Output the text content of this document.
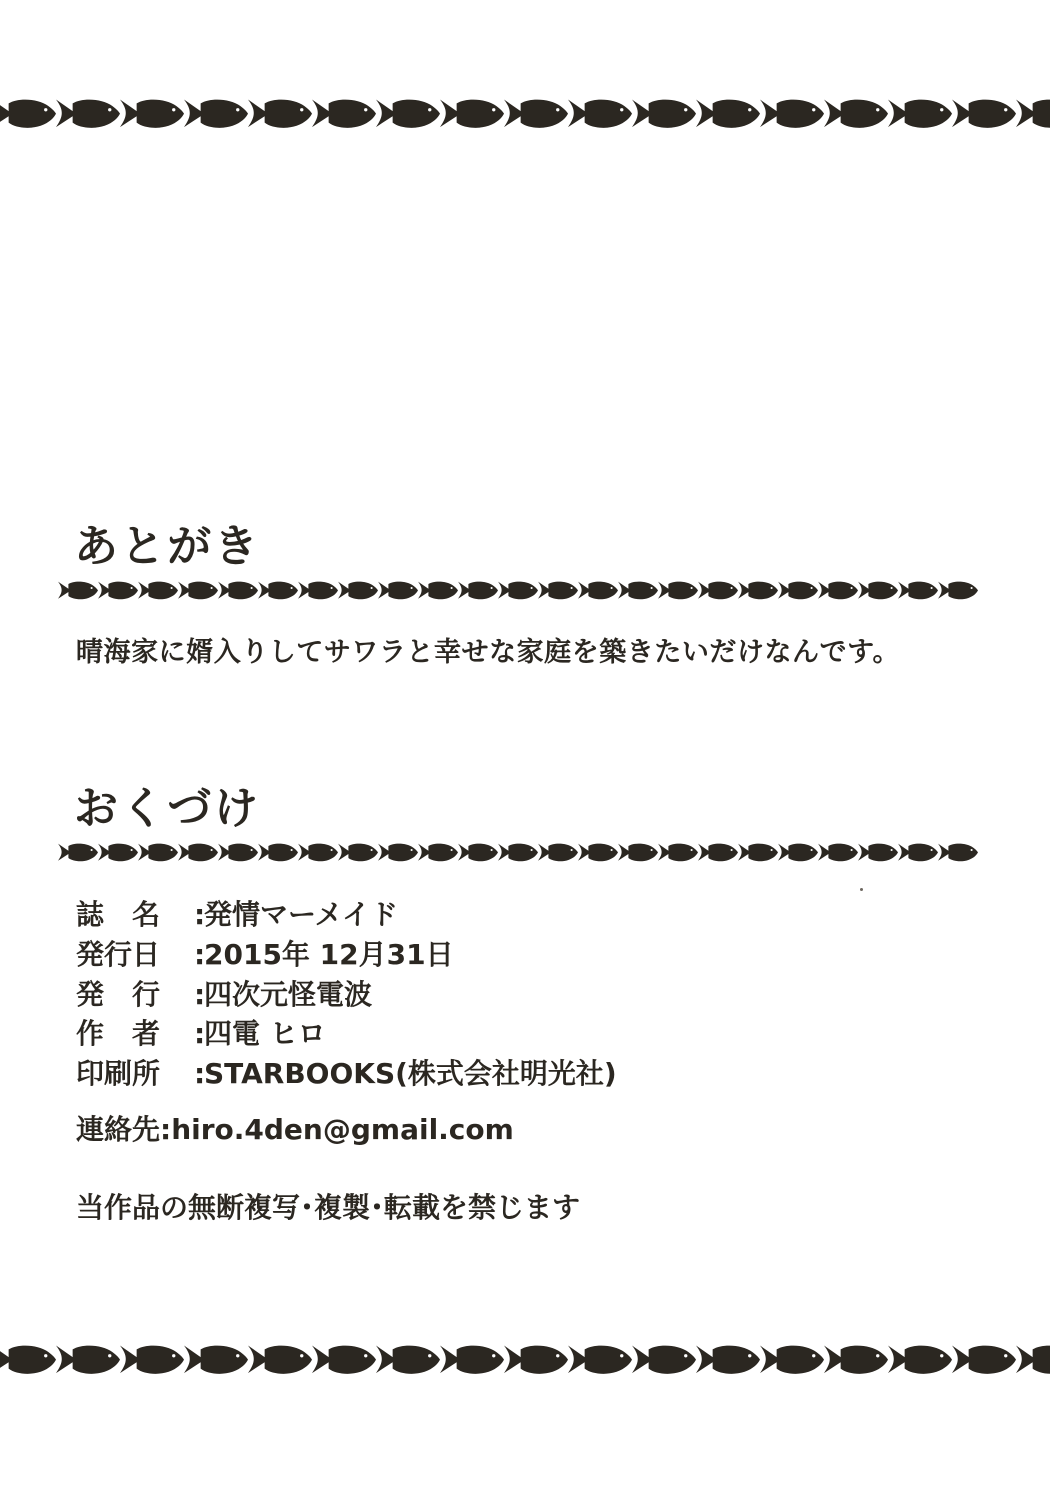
あとがき
晴海家に婿入りしてサワラと幸せな家庭を築きたいだけなんです。
おくづけ
誌　名 :発情マーメイド
発行日 :2015年 12月31日
発　行 :四次元怪電波
作　者 :四電 ヒロ
印刷所 :STARBOOKS(株式会社明光社)
連絡先:hiro.4den@gmail.com
当作品の無断複写･複製･転載を禁じます
